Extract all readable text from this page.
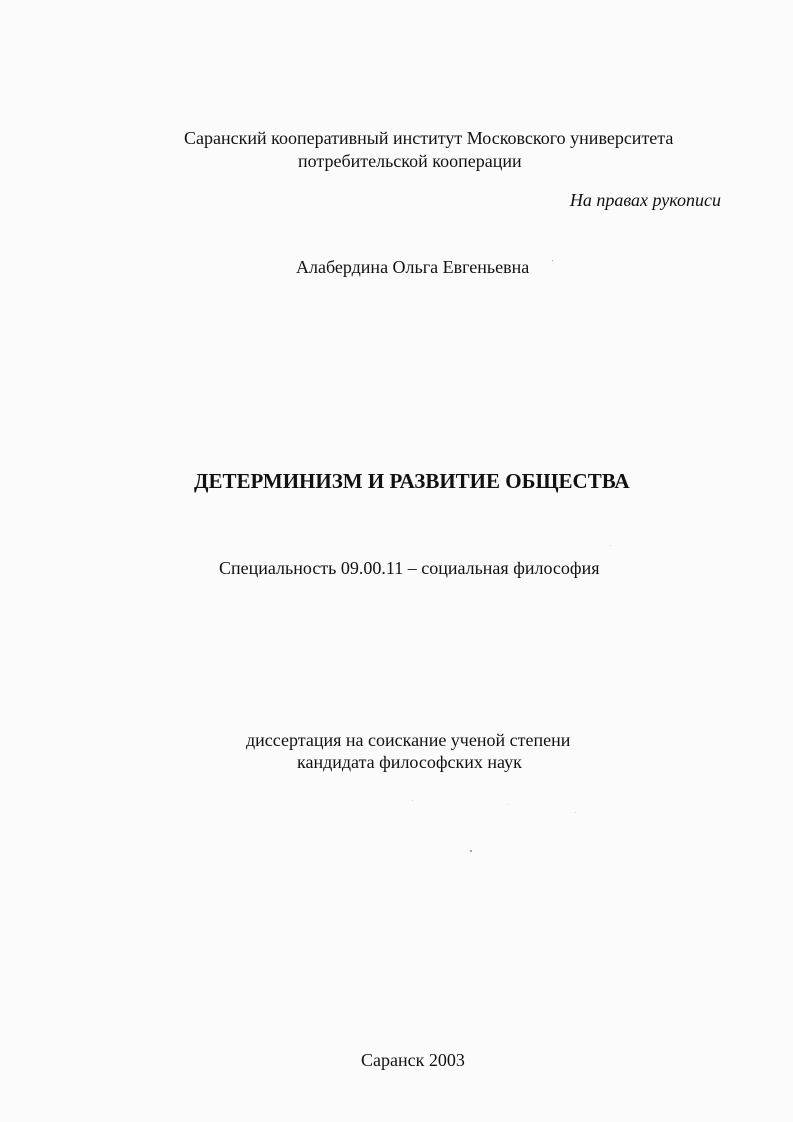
Саранский кооперативный институт Московского университета
потребительской кооперации
На правах рукописи
Алабердина Ольга Евгеньевна
ДЕТЕРМИНИЗМ И РАЗВИТИЕ ОБЩЕСТВА
Специальность 09.00.11 – социальная философия
диссертация на соискание ученой степени
кандидата философских наук
Саранск 2003
